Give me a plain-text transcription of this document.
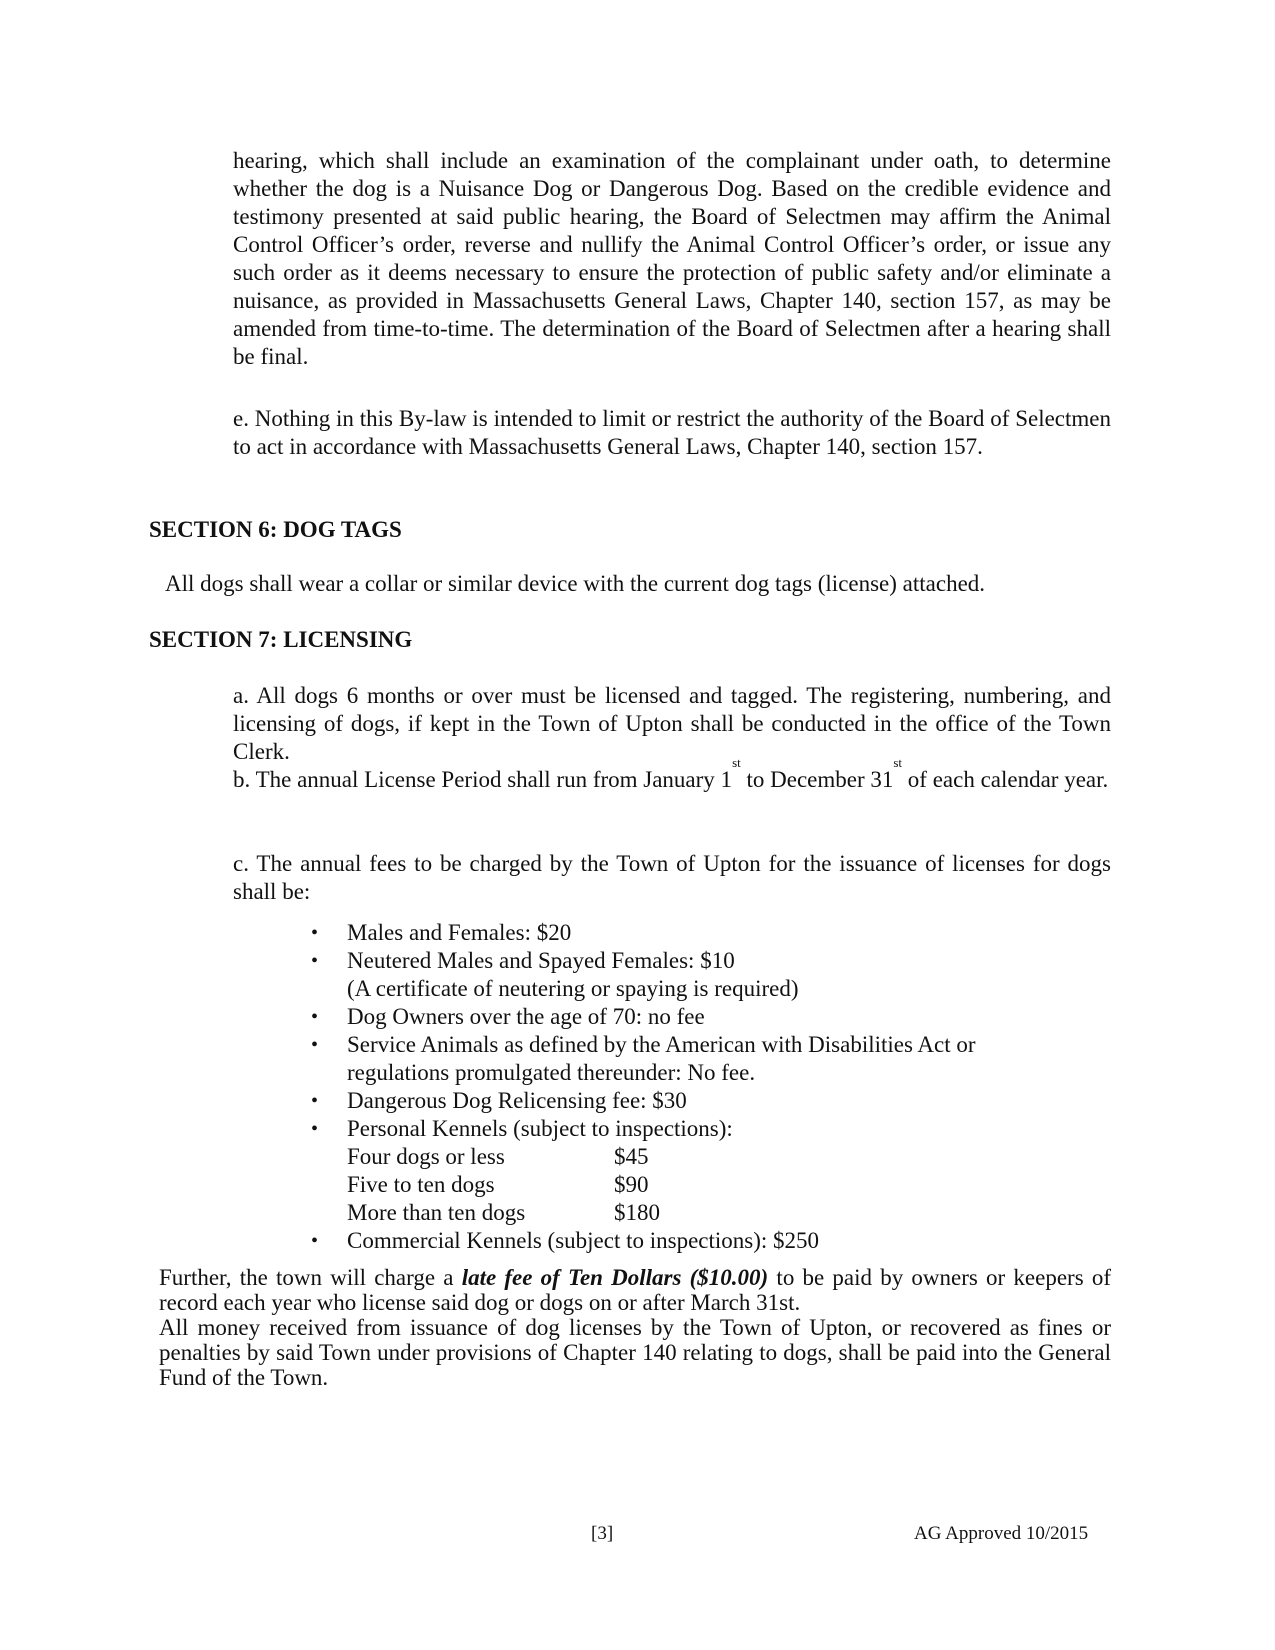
hearing, which shall include an examination of the complainant under oath, to determine whether the dog is a Nuisance Dog or Dangerous Dog. Based on the credible evidence and testimony presented at said public hearing, the Board of Selectmen may affirm the Animal Control Officer’s order, reverse and nullify the Animal Control Officer’s order, or issue any such order as it deems necessary to ensure the protection of public safety and/or eliminate a nuisance, as provided in Massachusetts General Laws, Chapter 140, section 157, as may be amended from time-to-time. The determination of the Board of Selectmen after a hearing shall be final.

e. Nothing in this By-law is intended to limit or restrict the authority of the Board of Selectmen to act in accordance with Massachusetts General Laws, Chapter 140, section 157.

SECTION 6: DOG TAGS

All dogs shall wear a collar or similar device with the current dog tags (license) attached.

SECTION 7: LICENSING

a. All dogs 6 months or over must be licensed and tagged. The registering, numbering, and licensing of dogs, if kept in the Town of Upton shall be conducted in the office of the Town Clerk.

b. The annual License Period shall run from January 1st to December 31st of each calendar year.

c. The annual fees to be charged by the Town of Upton for the issuance of licenses for dogs shall be:

• Males and Females: $20
• Neutered Males and Spayed Females: $10
(A certificate of neutering or spaying is required)
• Dog Owners over the age of 70: no fee
• Service Animals as defined by the American with Disabilities Act or regulations promulgated thereunder: No fee.
• Dangerous Dog Relicensing fee: $30
• Personal Kennels (subject to inspections):
Four dogs or less	$45
Five to ten dogs	$90
More than ten dogs	$180
• Commercial Kennels (subject to inspections): $250

Further, the town will charge a late fee of Ten Dollars ($10.00) to be paid by owners or keepers of record each year who license said dog or dogs on or after March 31st.

All money received from issuance of dog licenses by the Town of Upton, or recovered as fines or penalties by said Town under provisions of Chapter 140 relating to dogs, shall be paid into the General Fund of the Town.

[3]	AG Approved 10/2015
